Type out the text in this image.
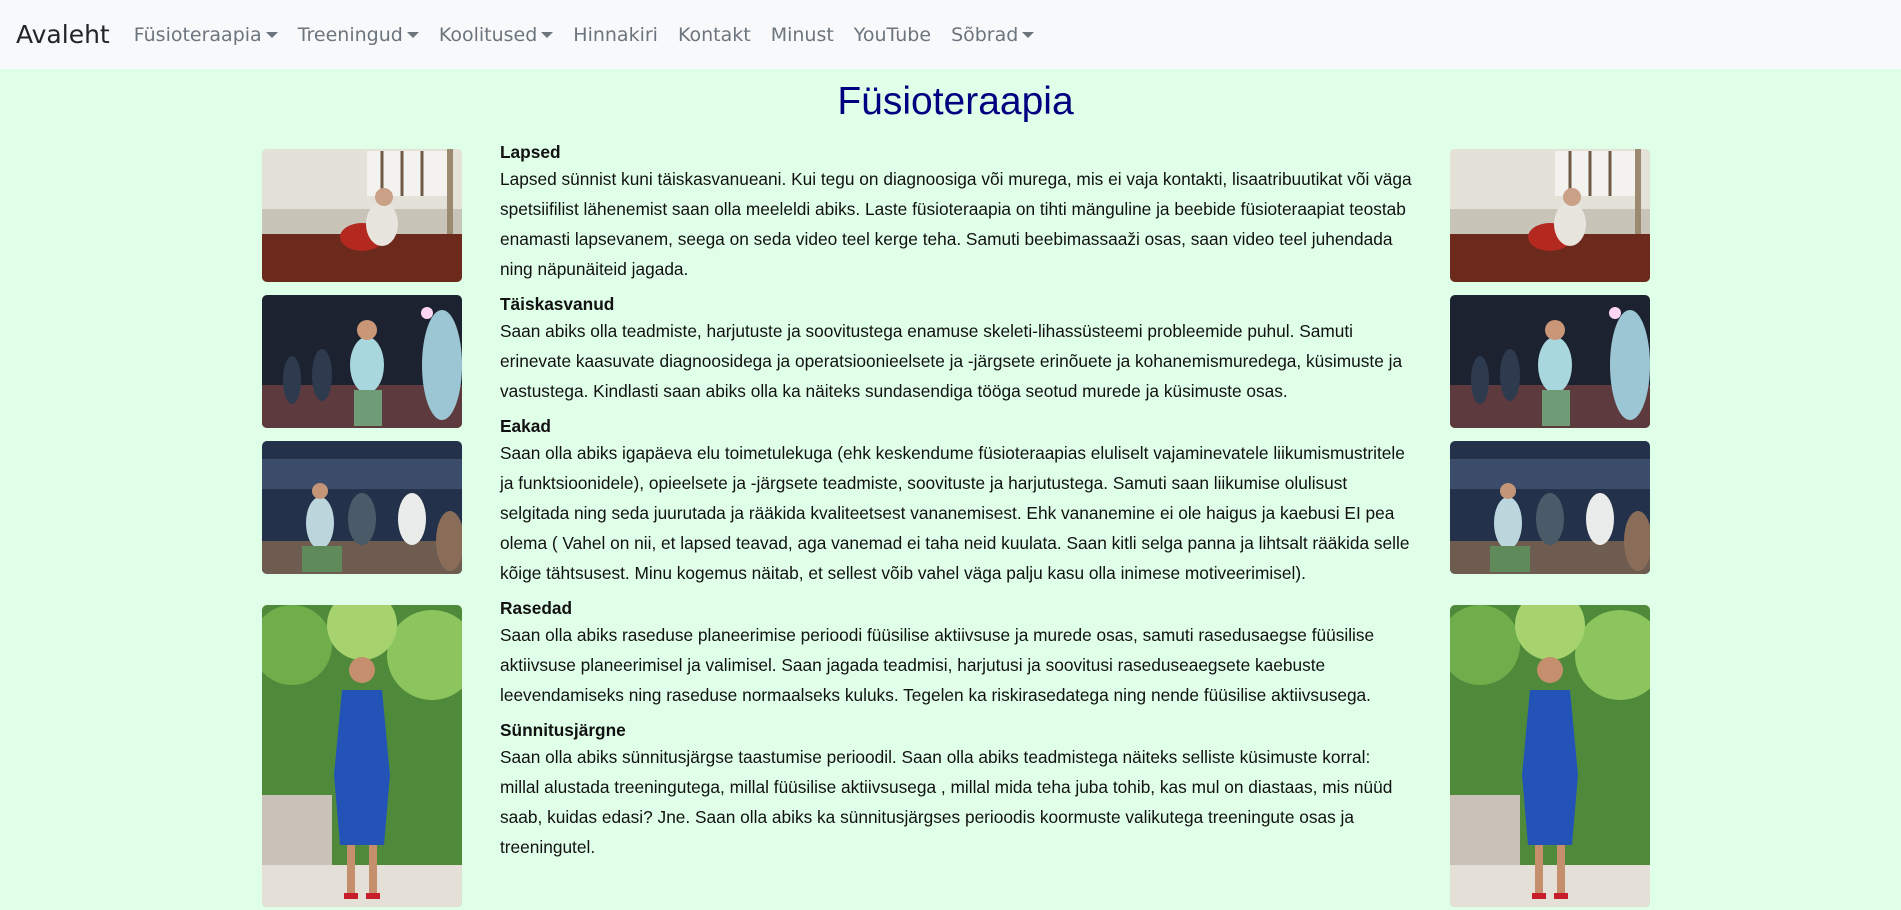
Avaleht Füsioteraapia Treeningud Koolitused Hinnakiri Kontakt Minust YouTube Sõbrad
Füsioteraapia
Lapsed

Lapsed sünnist kuni täiskasvanueani. Kui tegu on diagnoosiga või murega, mis ei vaja kontakti, lisaatribuutikat või väga spetsiifilist lähenemist saan olla meeleldi abiks. Laste füsioteraapia on tihti mänguline ja beebide füsioteraapiat teostab enamasti lapsevanem, seega on seda video teel kerge teha. Samuti beebimassaaži osas, saan video teel juhendada ning näpunäiteid jagada.

Täiskasvanud

Saan abiks olla teadmiste, harjutuste ja soovitustega enamuse skeleti-lihassüsteemi probleemide puhul. Samuti erinevate kaasuvate diagnoosidega ja operatsioonieelsete ja -järgsete erinõuete ja kohanemismuredega, küsimuste ja vastustega. Kindlasti saan abiks olla ka näiteks sundasendiga tööga seotud murede ja küsimuste osas.

Eakad

Saan olla abiks igapäeva elu toimetulekuga (ehk keskendume füsioteraapias eluliselt vajaminevatele liikumismustritele ja funktsioonidele), opieelsete ja -järgsete teadmiste, soovituste ja harjutustega. Samuti saan liikumise olulisust selgitada ning seda juurutada ja rääkida kvaliteetsest vananemisest. Ehk vananemine ei ole haigus ja kaebusi EI pea olema ( Vahel on nii, et lapsed teavad, aga vanemad ei taha neid kuulata. Saan kitli selga panna ja lihtsalt rääkida selle kõige tähtsusest. Minu kogemus näitab, et sellest võib vahel väga palju kasu olla inimese motiveerimisel).

Rasedad

Saan olla abiks raseduse planeerimise perioodi füüsilise aktiivsuse ja murede osas, samuti rasedusaegse füüsilise aktiivsuse planeerimisel ja valimisel. Saan jagada teadmisi, harjutusi ja soovitusi raseduseaegsete kaebuste leevendamiseks ning raseduse normaalseks kuluks. Tegelen ka riskirasedatega ning nende füüsilise aktiivsusega.

Sünnitusjärgne

Saan olla abiks sünnitusjärgse taastumise perioodil. Saan olla abiks teadmistega näiteks selliste küsimuste korral: millal alustada treeningutega, millal füüsilise aktiivsusega , millal mida teha juba tohib, kas mul on diastaas, mis nüüd saab, kuidas edasi? Jne. Saan olla abiks ka sünnitusjärgses perioodis koormuste valikutega treeningute osas ja treeningutel.
